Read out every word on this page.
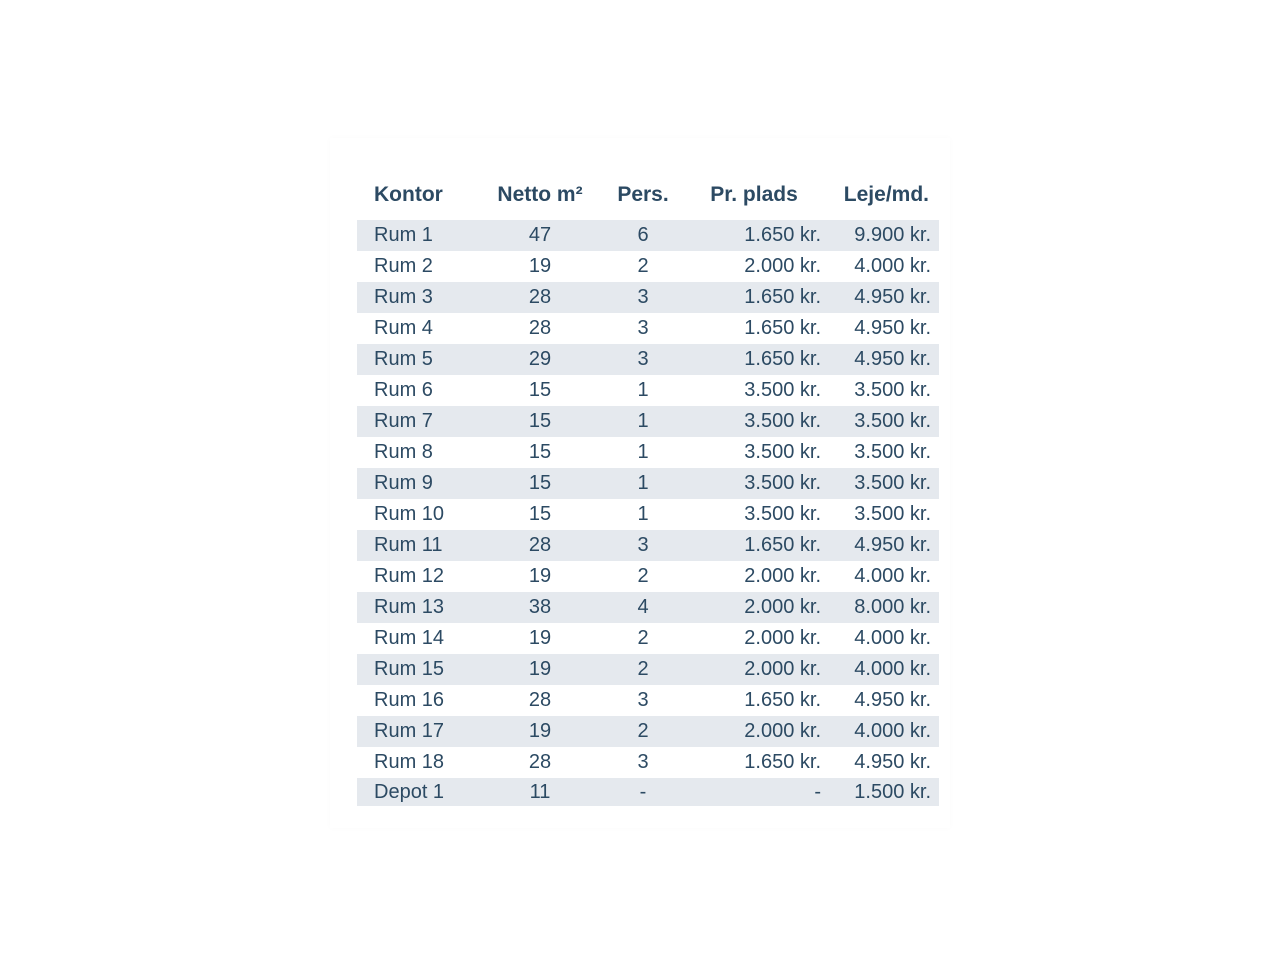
Kontor	Netto m²	Pers.	Pr. plads	Leje/md.
Rum 1	47	6	1.650 kr.	9.900 kr.
Rum 2	19	2	2.000 kr.	4.000 kr.
Rum 3	28	3	1.650 kr.	4.950 kr.
Rum 4	28	3	1.650 kr.	4.950 kr.
Rum 5	29	3	1.650 kr.	4.950 kr.
Rum 6	15	1	3.500 kr.	3.500 kr.
Rum 7	15	1	3.500 kr.	3.500 kr.
Rum 8	15	1	3.500 kr.	3.500 kr.
Rum 9	15	1	3.500 kr.	3.500 kr.
Rum 10	15	1	3.500 kr.	3.500 kr.
Rum 11	28	3	1.650 kr.	4.950 kr.
Rum 12	19	2	2.000 kr.	4.000 kr.
Rum 13	38	4	2.000 kr.	8.000 kr.
Rum 14	19	2	2.000 kr.	4.000 kr.
Rum 15	19	2	2.000 kr.	4.000 kr.
Rum 16	28	3	1.650 kr.	4.950 kr.
Rum 17	19	2	2.000 kr.	4.000 kr.
Rum 18	28	3	1.650 kr.	4.950 kr.
Depot 1	11	-	-	1.500 kr.
